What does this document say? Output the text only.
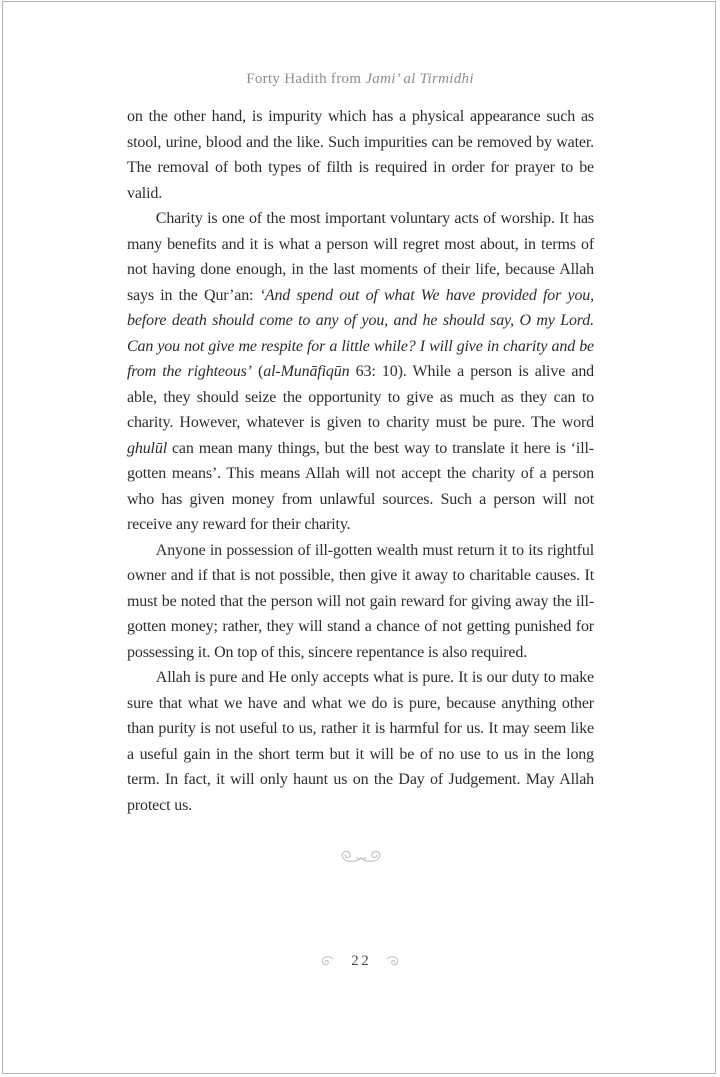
Forty Hadith from Jami’ al Tirmidhi

on the other hand, is impurity which has a physical appearance such as stool, urine, blood and the like. Such impurities can be removed by water. The removal of both types of filth is required in order for prayer to be valid.

Charity is one of the most important voluntary acts of worship. It has many benefits and it is what a person will regret most about, in terms of not having done enough, in the last moments of their life, because Allah says in the Qur’an: ‘And spend out of what We have provided for you, before death should come to any of you, and he should say, O my Lord. Can you not give me respite for a little while? I will give in charity and be from the righteous’ (al-Munāfiqūn 63: 10). While a person is alive and able, they should seize the opportunity to give as much as they can to charity. However, whatever is given to charity must be pure. The word ghulūl can mean many things, but the best way to translate it here is ‘ill-gotten means’. This means Allah will not accept the charity of a person who has given money from unlawful sources. Such a person will not receive any reward for their charity.

Anyone in possession of ill-gotten wealth must return it to its rightful owner and if that is not possible, then give it away to charitable causes. It must be noted that the person will not gain reward for giving away the ill-gotten money; rather, they will stand a chance of not getting punished for possessing it. On top of this, sincere repentance is also required.

Allah is pure and He only accepts what is pure. It is our duty to make sure that what we have and what we do is pure, because anything other than purity is not useful to us, rather it is harmful for us. It may seem like a useful gain in the short term but it will be of no use to us in the long term. In fact, it will only haunt us on the Day of Judgement. May Allah protect us.

22
